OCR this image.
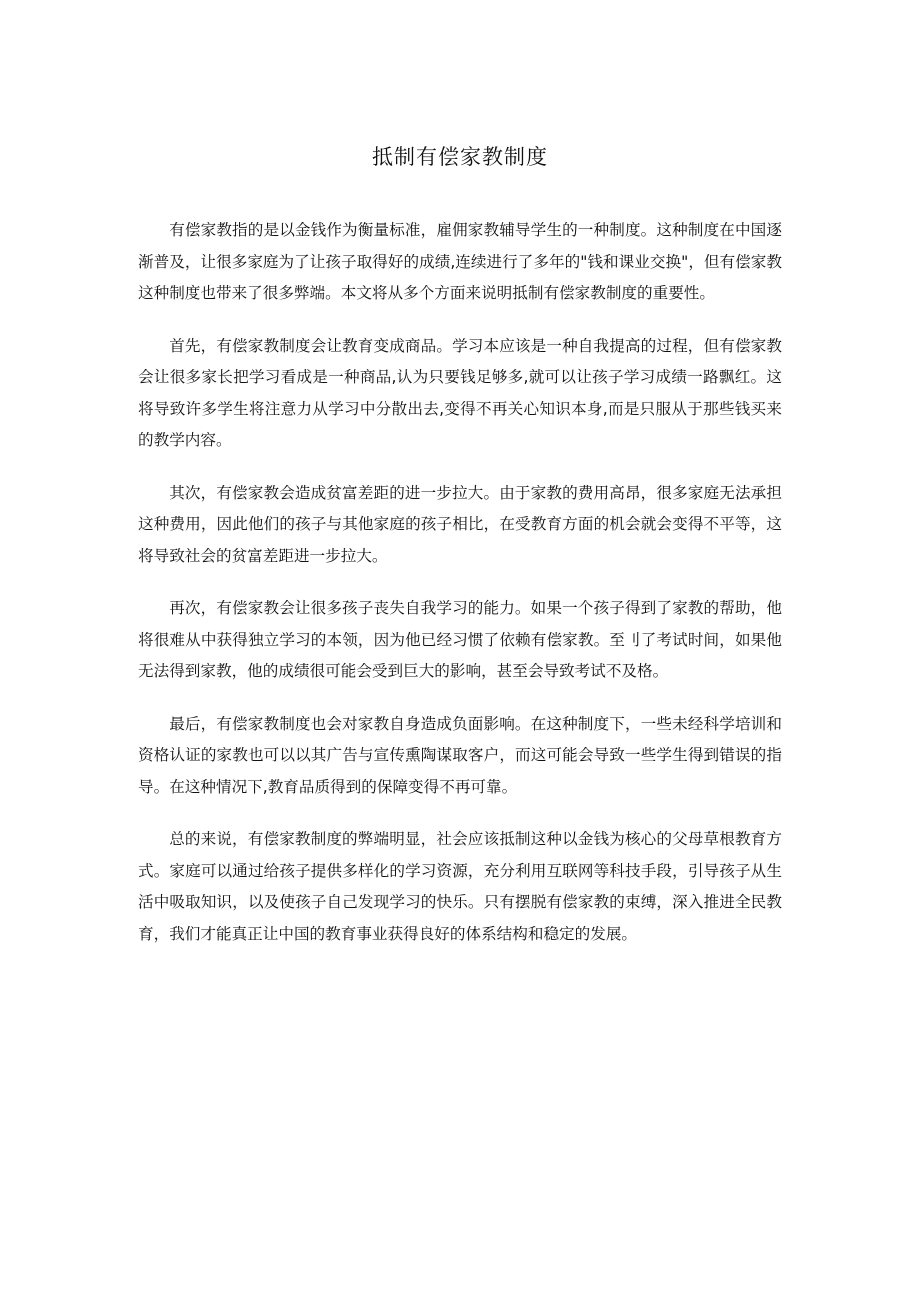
抵制有偿家教制度

有偿家教指的是以金钱作为衡量标准，雇佣家教辅导学生的一种制度。这种制度在中国逐渐普及，让很多家庭为了让孩子取得好的成绩,连续进行了多年的"钱和课业交换"，但有偿家教这种制度也带来了很多弊端。本文将从多个方面来说明抵制有偿家教制度的重要性。

首先，有偿家教制度会让教育变成商品。学习本应该是一种自我提高的过程，但有偿家教会让很多家长把学习看成是一种商品,认为只要钱足够多,就可以让孩子学习成绩一路飘红。这将导致许多学生将注意力从学习中分散出去,变得不再关心知识本身,而是只服从于那些钱买来的教学内容。

其次，有偿家教会造成贫富差距的进一步拉大。由于家教的费用高昂，很多家庭无法承担这种费用，因此他们的孩子与其他家庭的孩子相比，在受教育方面的机会就会变得不平等，这将导致社会的贫富差距进一步拉大。

再次，有偿家教会让很多孩子丧失自我学习的能力。如果一个孩子得到了家教的帮助，他将很难从中获得独立学习的本领，因为他已经习惯了依赖有偿家教。至刂了考试时间，如果他无法得到家教，他的成绩很可能会受到巨大的影响，甚至会导致考试不及格。

最后，有偿家教制度也会对家教自身造成负面影响。在这种制度下，一些未经科学培训和资格认证的家教也可以以其广告与宣传熏陶谋取客户，而这可能会导致一些学生得到错误的指导。在这种情况下,教育品质得到的保障变得不再可靠。

总的来说，有偿家教制度的弊端明显，社会应该抵制这种以金钱为核心的父母草根教育方式。家庭可以通过给孩子提供多样化的学习资源，充分利用互联网等科技手段，引导孩子从生活中吸取知识，以及使孩子自己发现学习的快乐。只有摆脱有偿家教的束缚，深入推进全民教育，我们才能真正让中国的教育事业获得良好的体系结构和稳定的发展。
